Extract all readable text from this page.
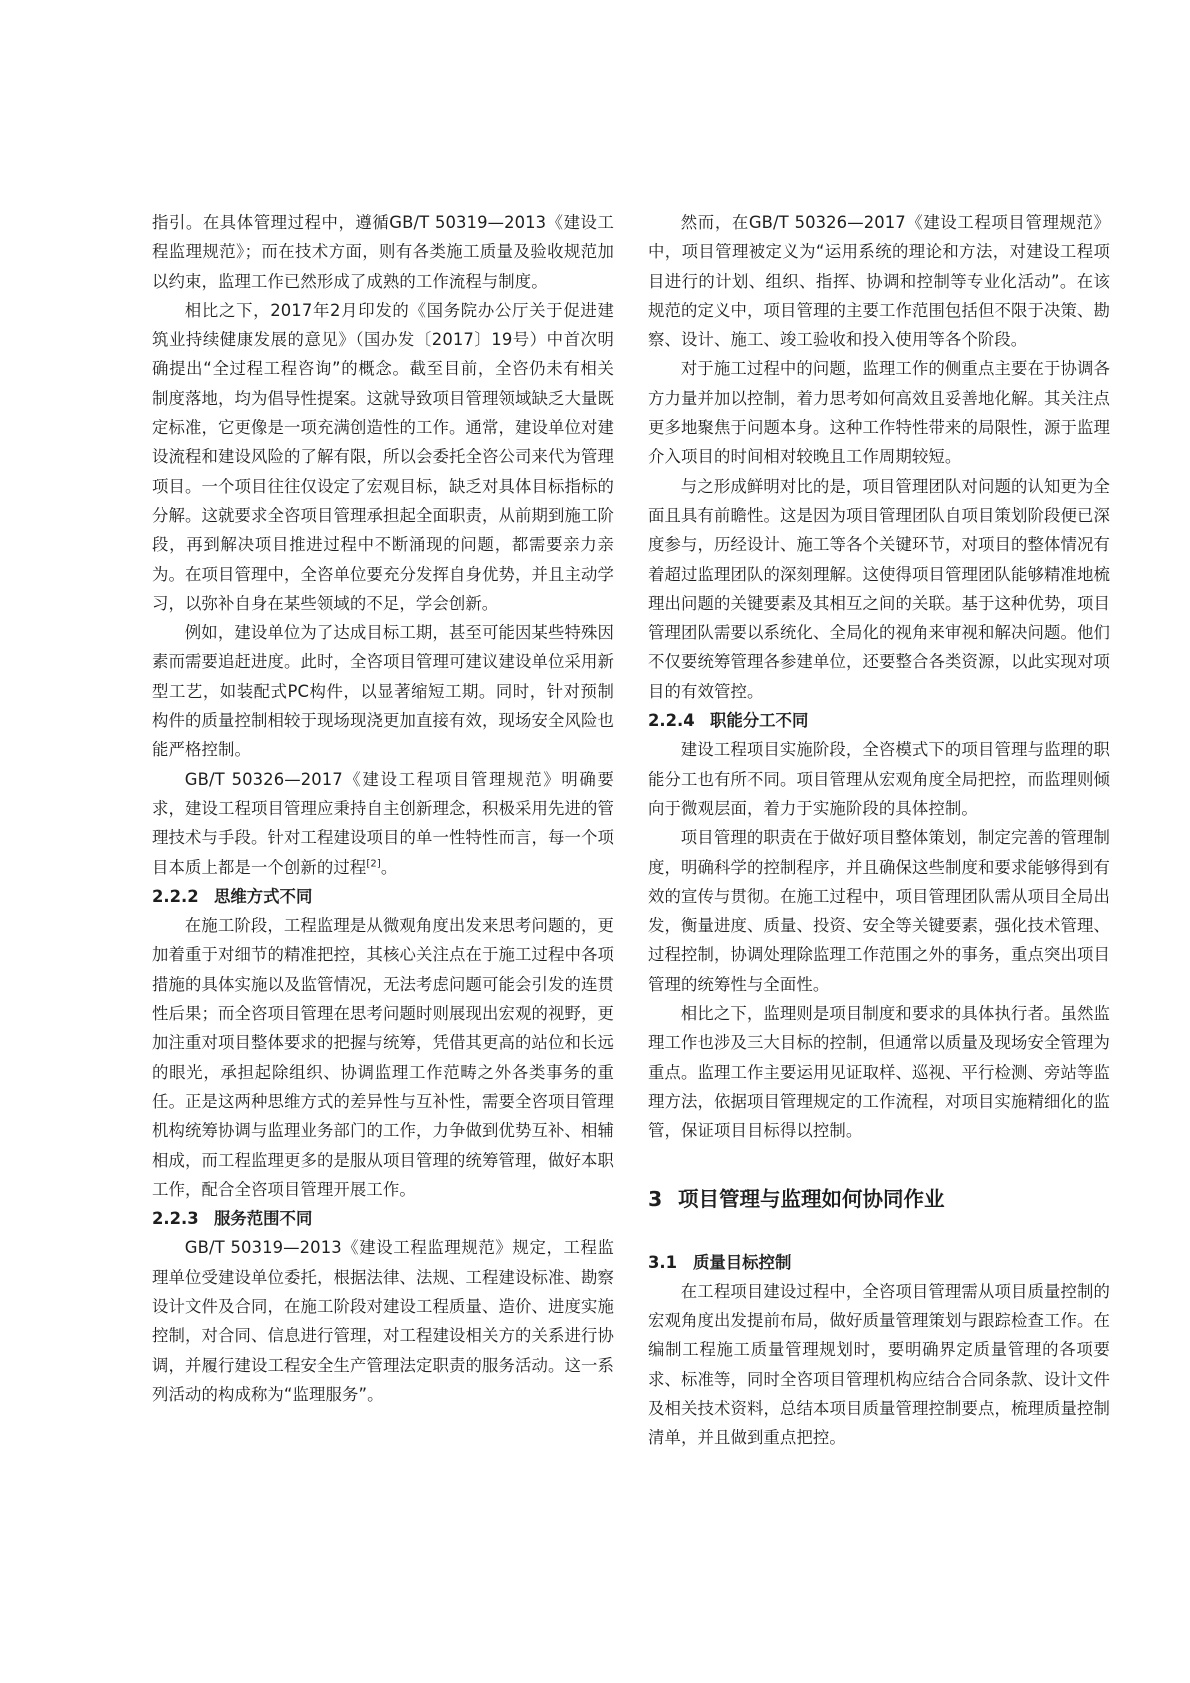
指引。在具体管理过程中，遵循GB/T 50319—2013《建设工程监理规范》；而在技术方面，则有各类施工质量及验收规范加以约束，监理工作已然形成了成熟的工作流程与制度。

相比之下，2017年2月印发的《国务院办公厅关于促进建筑业持续健康发展的意见》（国办发〔2017〕19号）中首次明确提出“全过程工程咨询”的概念。截至目前，全咨仍未有相关制度落地，均为倡导性提案。这就导致项目管理领域缺乏大量既定标准，它更像是一项充满创造性的工作。通常，建设单位对建设流程和建设风险的了解有限，所以会委托全咨公司来代为管理项目。一个项目往往仅设定了宏观目标，缺乏对具体目标指标的分解。这就要求全咨项目管理承担起全面职责，从前期到施工阶段，再到解决项目推进过程中不断涌现的问题，都需要亲力亲为。在项目管理中，全咨单位要充分发挥自身优势，并且主动学习，以弥补自身在某些领域的不足，学会创新。

例如，建设单位为了达成目标工期，甚至可能因某些特殊因素而需要追赶进度。此时，全咨项目管理可建议建设单位采用新型工艺，如装配式PC构件，以显著缩短工期。同时，针对预制构件的质量控制相较于现场现浇更加直接有效，现场安全风险也能严格控制。

GB/T 50326—2017《建设工程项目管理规范》明确要求，建设工程项目管理应秉持自主创新理念，积极采用先进的管理技术与手段。针对工程建设项目的单一性特性而言，每一个项目本质上都是一个创新的过程[2]。

2.2.2 思维方式不同

在施工阶段，工程监理是从微观角度出发来思考问题的，更加着重于对细节的精准把控，其核心关注点在于施工过程中各项措施的具体实施以及监管情况，无法考虑问题可能会引发的连贯性后果；而全咨项目管理在思考问题时则展现出宏观的视野，更加注重对项目整体要求的把握与统筹，凭借其更高的站位和长远的眼光，承担起除组织、协调监理工作范畴之外各类事务的重任。正是这两种思维方式的差异性与互补性，需要全咨项目管理机构统筹协调与监理业务部门的工作，力争做到优势互补、相辅相成，而工程监理更多的是服从项目管理的统筹管理，做好本职工作，配合全咨项目管理开展工作。

2.2.3 服务范围不同

GB/T 50319—2013《建设工程监理规范》规定，工程监理单位受建设单位委托，根据法律、法规、工程建设标准、勘察设计文件及合同，在施工阶段对建设工程质量、造价、进度实施控制，对合同、信息进行管理，对工程建设相关方的关系进行协调，并履行建设工程安全生产管理法定职责的服务活动。这一系列活动的构成称为“监理服务”。

然而，在GB/T 50326—2017《建设工程项目管理规范》中，项目管理被定义为“运用系统的理论和方法，对建设工程项目进行的计划、组织、指挥、协调和控制等专业化活动”。在该规范的定义中，项目管理的主要工作范围包括但不限于决策、勘察、设计、施工、竣工验收和投入使用等各个阶段。

对于施工过程中的问题，监理工作的侧重点主要在于协调各方力量并加以控制，着力思考如何高效且妥善地化解。其关注点更多地聚焦于问题本身。这种工作特性带来的局限性，源于监理介入项目的时间相对较晚且工作周期较短。

与之形成鲜明对比的是，项目管理团队对问题的认知更为全面且具有前瞻性。这是因为项目管理团队自项目策划阶段便已深度参与，历经设计、施工等各个关键环节，对项目的整体情况有着超过监理团队的深刻理解。这使得项目管理团队能够精准地梳理出问题的关键要素及其相互之间的关联。基于这种优势，项目管理团队需要以系统化、全局化的视角来审视和解决问题。他们不仅要统筹管理各参建单位，还要整合各类资源，以此实现对项目的有效管控。

2.2.4 职能分工不同

建设工程项目实施阶段，全咨模式下的项目管理与监理的职能分工也有所不同。项目管理从宏观角度全局把控，而监理则倾向于微观层面，着力于实施阶段的具体控制。

项目管理的职责在于做好项目整体策划，制定完善的管理制度，明确科学的控制程序，并且确保这些制度和要求能够得到有效的宣传与贯彻。在施工过程中，项目管理团队需从项目全局出发，衡量进度、质量、投资、安全等关键要素，强化技术管理、过程控制，协调处理除监理工作范围之外的事务，重点突出项目管理的统筹性与全面性。

相比之下，监理则是项目制度和要求的具体执行者。虽然监理工作也涉及三大目标的控制，但通常以质量及现场安全管理为重点。监理工作主要运用见证取样、巡视、平行检测、旁站等监理方法，依据项目管理规定的工作流程，对项目实施精细化的监管，保证项目目标得以控制。

3 项目管理与监理如何协同作业
3.1 质量目标控制

在工程项目建设过程中，全咨项目管理需从项目质量控制的宏观角度出发提前布局，做好质量管理策划与跟踪检查工作。在编制工程施工质量管理规划时，要明确界定质量管理的各项要求、标准等，同时全咨项目管理机构应结合合同条款、设计文件及相关技术资料，总结本项目质量管理控制要点，梳理质量控制清单，并且做到重点把控。
